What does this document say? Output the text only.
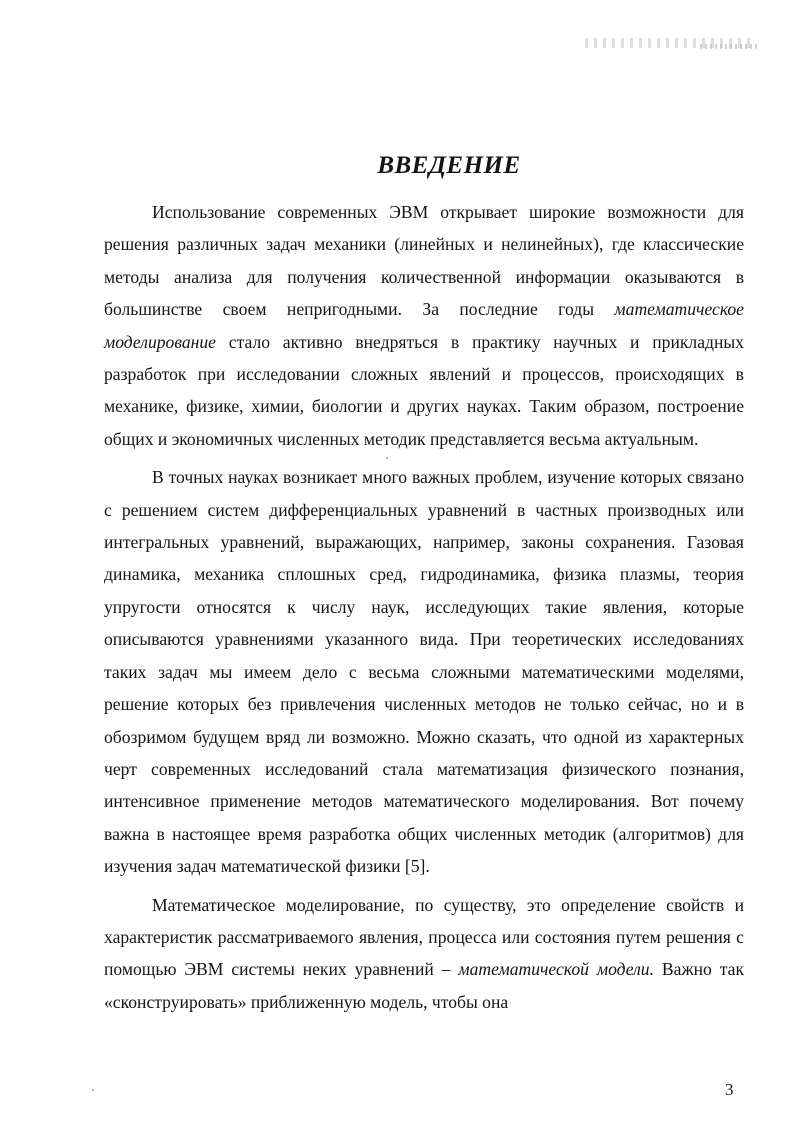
ВВЕДЕНИЕ

Использование современных ЭВМ открывает широкие возможности для решения различных задач механики (линейных и нелинейных), где классические методы анализа для получения количественной информации оказываются в большинстве своем непригодными. За последние годы математическое моделирование стало активно внедряться в практику научных и прикладных разработок при исследовании сложных явлений и процессов, происходящих в механике, физике, химии, биологии и других науках. Таким образом, построение общих и экономичных численных методик представляется весьма актуальным.

В точных науках возникает много важных проблем, изучение которых связано с решением систем дифференциальных уравнений в частных производных или интегральных уравнений, выражающих, например, законы сохранения. Газовая динамика, механика сплошных сред, гидродинамика, физика плазмы, теория упругости относятся к числу наук, исследующих такие явления, которые описываются уравнениями указанного вида. При теоретических исследованиях таких задач мы имеем дело с весьма сложными математическими моделями, решение которых без привлечения численных методов не только сейчас, но и в обозримом будущем вряд ли возможно. Можно сказать, что одной из характерных черт современных исследований стала математизация физического познания, интенсивное применение методов математического моделирования. Вот почему важна в настоящее время разработка общих численных методик (алгоритмов) для изучения задач математической физики [5].

Математическое моделирование, по существу, это определение свойств и характеристик рассматриваемого явления, процесса или состояния путем решения с помощью ЭВМ системы неких уравнений – математической модели. Важно так «сконструировать» приближенную модель, чтобы она

3
